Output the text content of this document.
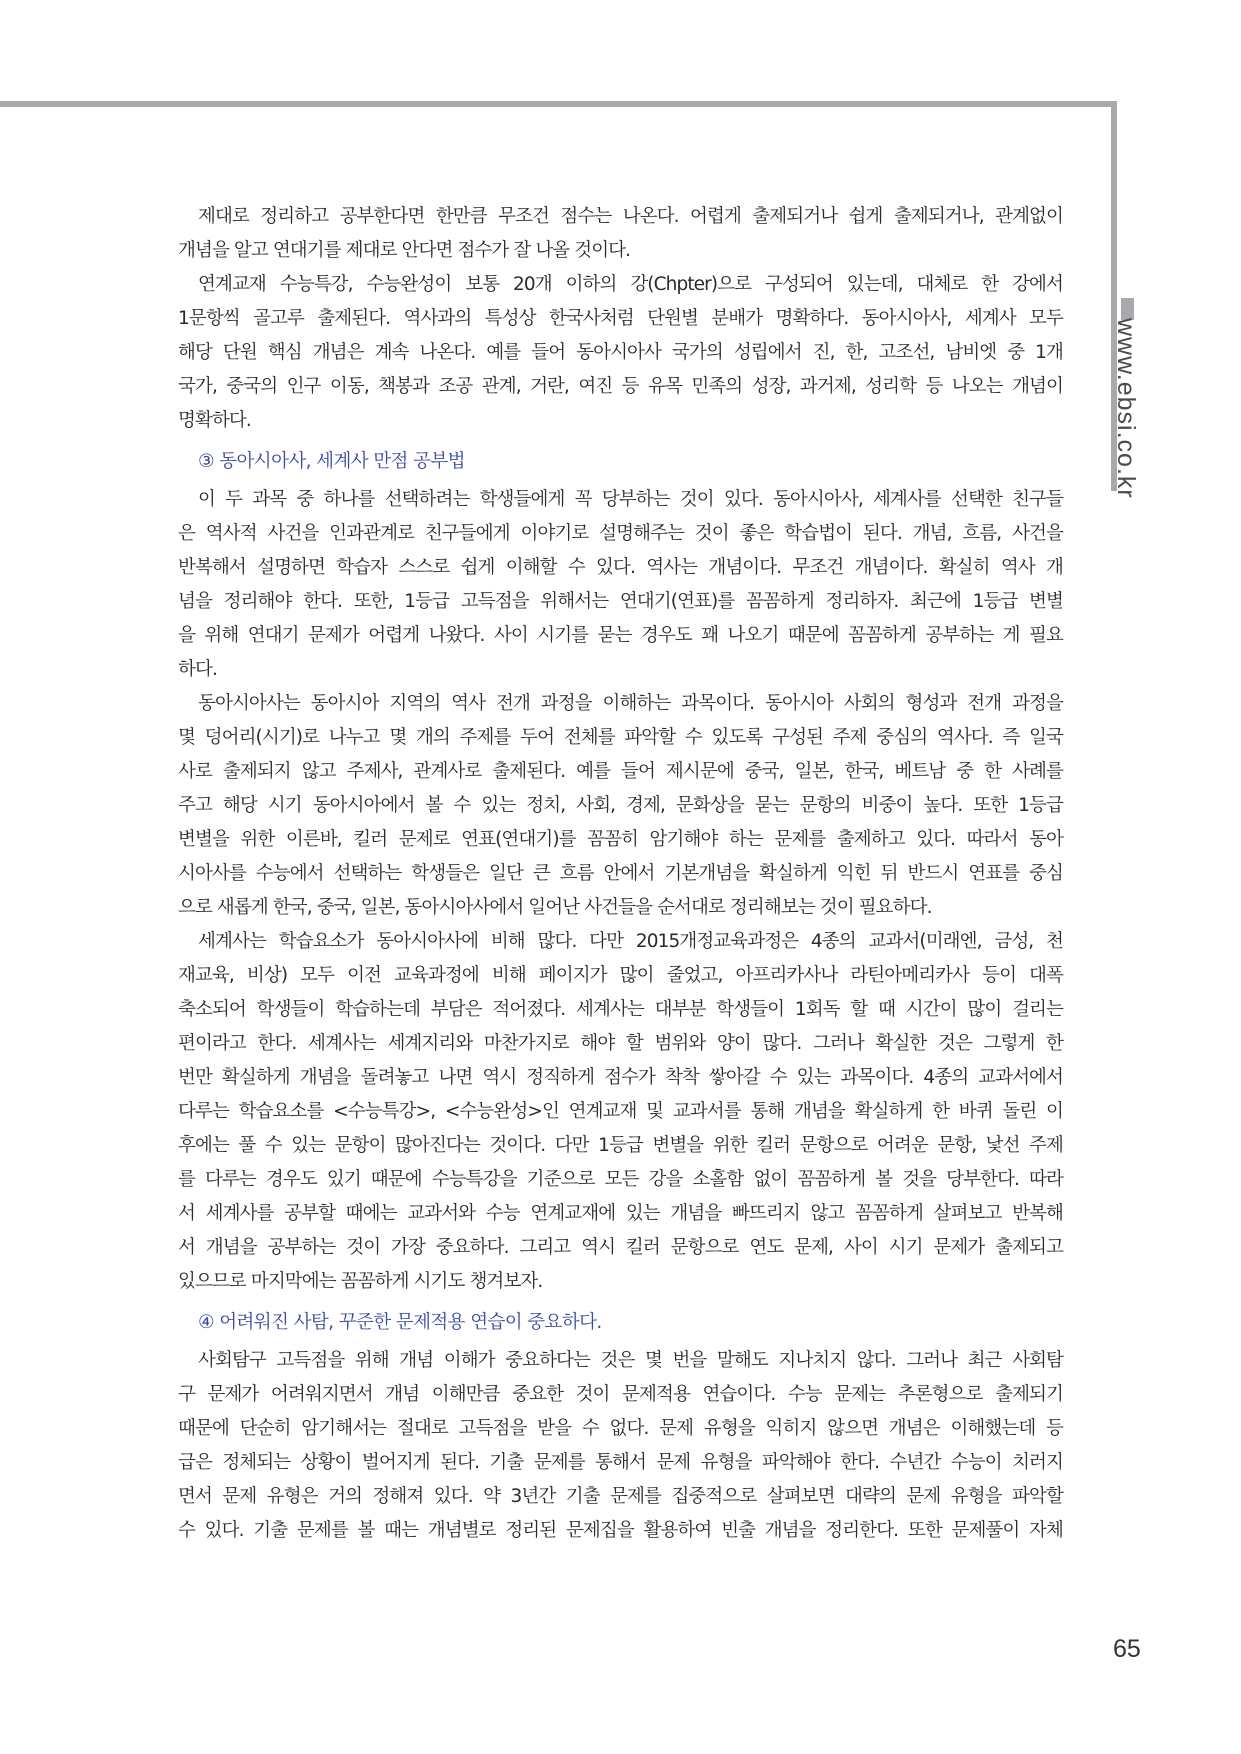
www.ebsi.co.kr
제대로 정리하고 공부한다면 한만큼 무조건 점수는 나온다. 어렵게 출제되거나 쉽게 출제되거나, 관계없이
개념을 알고 연대기를 제대로 안다면 점수가 잘 나올 것이다.
연계교재 수능특강, 수능완성이 보통 20개 이하의 강(Chpter)으로 구성되어 있는데, 대체로 한 강에서
1문항씩 골고루 출제된다. 역사과의 특성상 한국사처럼 단원별 분배가 명확하다. 동아시아사, 세계사 모두
해당 단원 핵심 개념은 계속 나온다. 예를 들어 동아시아사 국가의 성립에서 진, 한, 고조선, 남비엣 중 1개
국가, 중국의 인구 이동, 책봉과 조공 관계, 거란, 여진 등 유목 민족의 성장, 과거제, 성리학 등 나오는 개념이
명확하다.
③ 동아시아사, 세계사 만점 공부법
이 두 과목 중 하나를 선택하려는 학생들에게 꼭 당부하는 것이 있다. 동아시아사, 세계사를 선택한 친구들
은 역사적 사건을 인과관계로 친구들에게 이야기로 설명해주는 것이 좋은 학습법이 된다. 개념, 흐름, 사건을
반복해서 설명하면 학습자 스스로 쉽게 이해할 수 있다. 역사는 개념이다. 무조건 개념이다. 확실히 역사 개
념을 정리해야 한다. 또한, 1등급 고득점을 위해서는 연대기(연표)를 꼼꼼하게 정리하자. 최근에 1등급 변별
을 위해 연대기 문제가 어렵게 나왔다. 사이 시기를 묻는 경우도 꽤 나오기 때문에 꼼꼼하게 공부하는 게 필요
하다.
동아시아사는 동아시아 지역의 역사 전개 과정을 이해하는 과목이다. 동아시아 사회의 형성과 전개 과정을
몇 덩어리(시기)로 나누고 몇 개의 주제를 두어 전체를 파악할 수 있도록 구성된 주제 중심의 역사다. 즉 일국
사로 출제되지 않고 주제사, 관계사로 출제된다. 예를 들어 제시문에 중국, 일본, 한국, 베트남 중 한 사례를
주고 해당 시기 동아시아에서 볼 수 있는 정치, 사회, 경제, 문화상을 묻는 문항의 비중이 높다. 또한 1등급
변별을 위한 이른바, 킬러 문제로 연표(연대기)를 꼼꼼히 암기해야 하는 문제를 출제하고 있다. 따라서 동아
시아사를 수능에서 선택하는 학생들은 일단 큰 흐름 안에서 기본개념을 확실하게 익힌 뒤 반드시 연표를 중심
으로 새롭게 한국, 중국, 일본, 동아시아사에서 일어난 사건들을 순서대로 정리해보는 것이 필요하다.
세계사는 학습요소가 동아시아사에 비해 많다. 다만 2015개정교육과정은 4종의 교과서(미래엔, 금성, 천
재교육, 비상) 모두 이전 교육과정에 비해 페이지가 많이 줄었고, 아프리카사나 라틴아메리카사 등이 대폭
축소되어 학생들이 학습하는데 부담은 적어졌다. 세계사는 대부분 학생들이 1회독 할 때 시간이 많이 걸리는
편이라고 한다. 세계사는 세계지리와 마찬가지로 해야 할 범위와 양이 많다. 그러나 확실한 것은 그렇게 한
번만 확실하게 개념을 돌려놓고 나면 역시 정직하게 점수가 착착 쌓아갈 수 있는 과목이다. 4종의 교과서에서
다루는 학습요소를 <수능특강>, <수능완성>인 연계교재 및 교과서를 통해 개념을 확실하게 한 바퀴 돌린 이
후에는 풀 수 있는 문항이 많아진다는 것이다. 다만 1등급 변별을 위한 킬러 문항으로 어려운 문항, 낯선 주제
를 다루는 경우도 있기 때문에 수능특강을 기준으로 모든 강을 소홀함 없이 꼼꼼하게 볼 것을 당부한다. 따라
서 세계사를 공부할 때에는 교과서와 수능 연계교재에 있는 개념을 빠뜨리지 않고 꼼꼼하게 살펴보고 반복해
서 개념을 공부하는 것이 가장 중요하다. 그리고 역시 킬러 문항으로 연도 문제, 사이 시기 문제가 출제되고
있으므로 마지막에는 꼼꼼하게 시기도 챙겨보자.
④ 어려워진 사탐, 꾸준한 문제적용 연습이 중요하다.
사회탐구 고득점을 위해 개념 이해가 중요하다는 것은 몇 번을 말해도 지나치지 않다. 그러나 최근 사회탐
구 문제가 어려워지면서 개념 이해만큼 중요한 것이 문제적용 연습이다. 수능 문제는 추론형으로 출제되기
때문에 단순히 암기해서는 절대로 고득점을 받을 수 없다. 문제 유형을 익히지 않으면 개념은 이해했는데 등
급은 정체되는 상황이 벌어지게 된다. 기출 문제를 통해서 문제 유형을 파악해야 한다. 수년간 수능이 치러지
면서 문제 유형은 거의 정해져 있다. 약 3년간 기출 문제를 집중적으로 살펴보면 대략의 문제 유형을 파악할
수 있다. 기출 문제를 볼 때는 개념별로 정리된 문제집을 활용하여 빈출 개념을 정리한다. 또한 문제풀이 자체
65
